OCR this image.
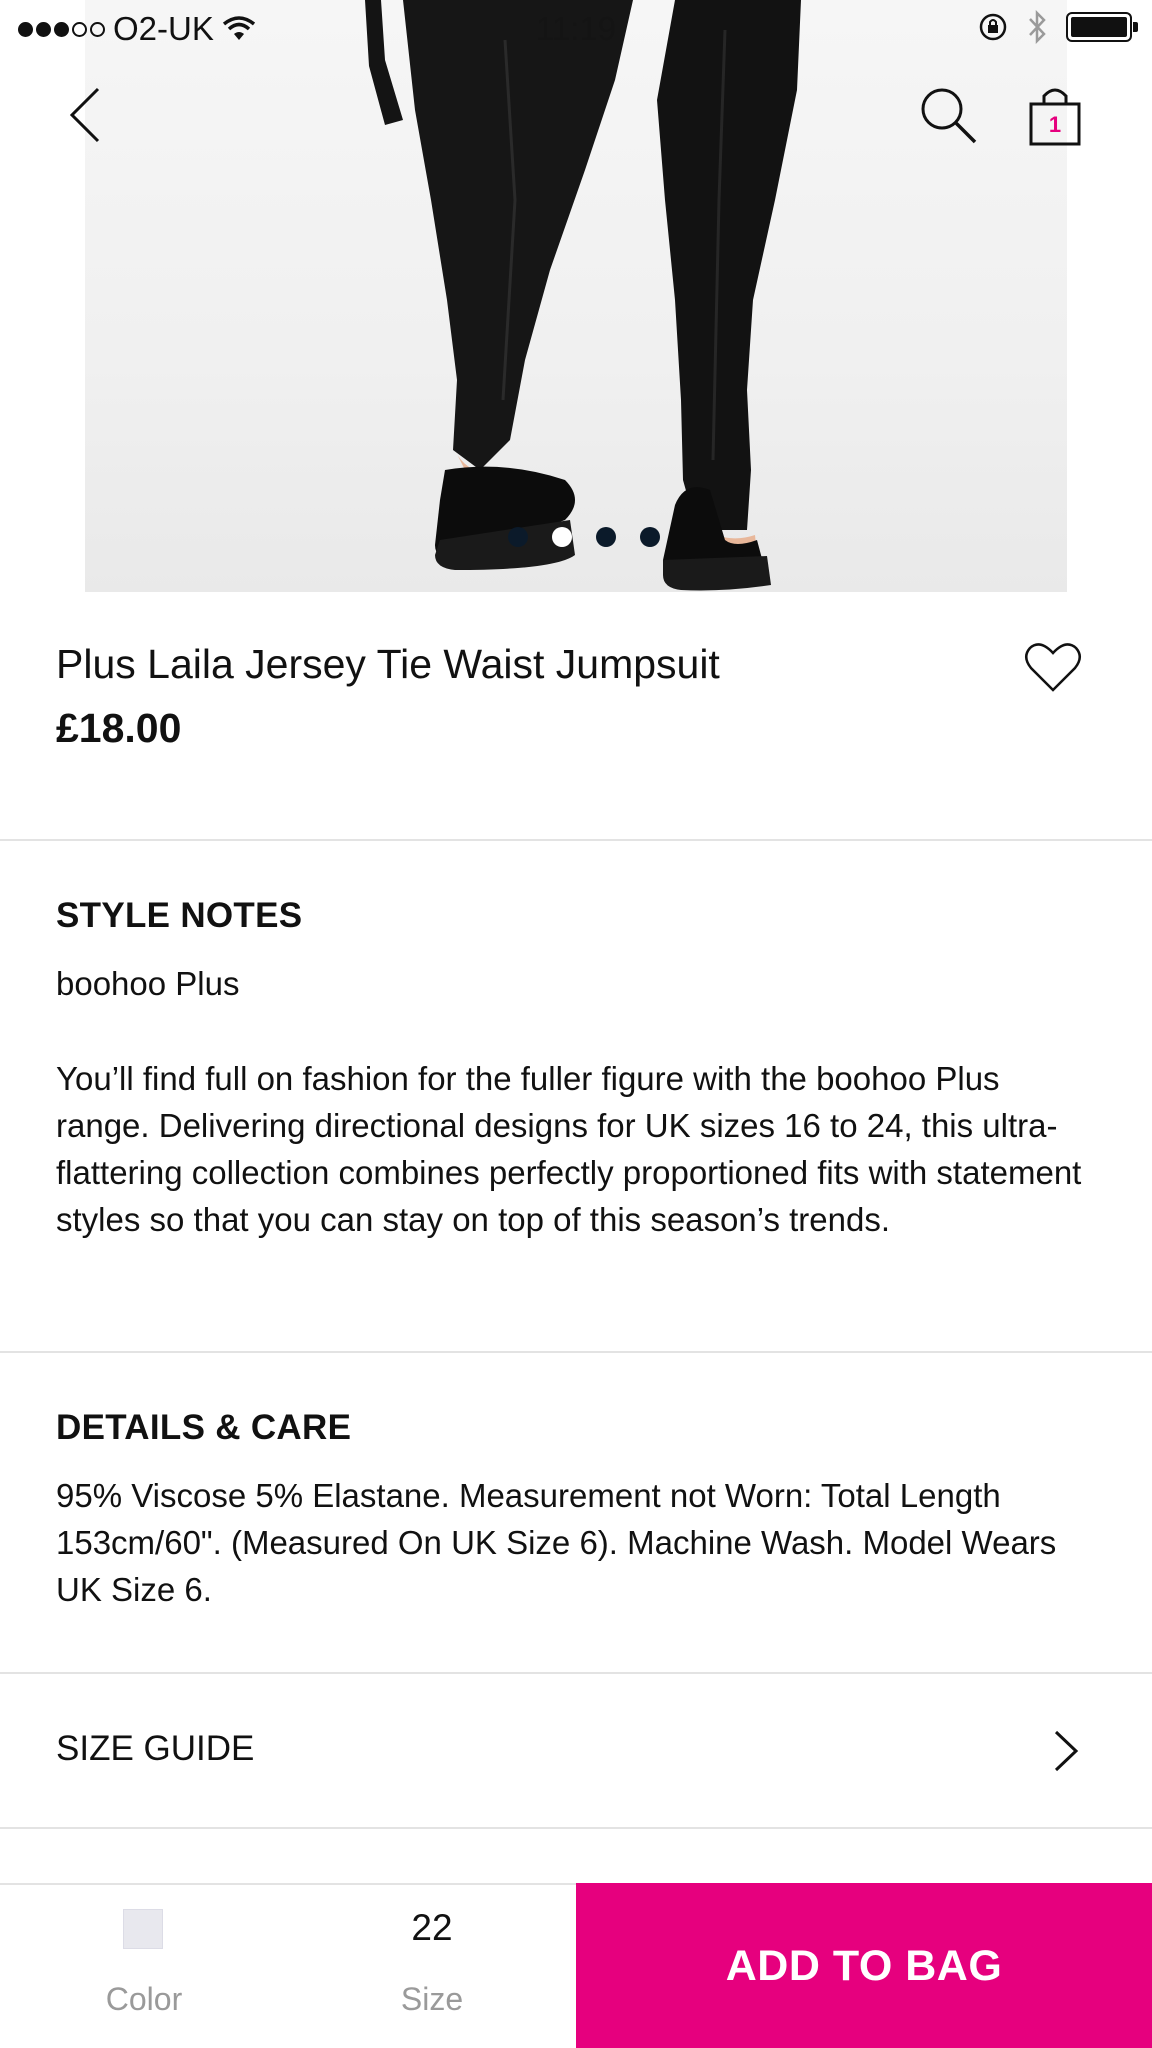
O2-UK	11:19
1
Plus Laila Jersey Tie Waist Jumpsuit
£18.00
STYLE NOTES
boohoo Plus
You’ll find full on fashion for the fuller figure with the boohoo Plus range. Delivering directional designs for UK sizes 16 to 24, this ultra-flattering collection combines perfectly proportioned fits with statement styles so that you can stay on top of this season’s trends.
DETAILS & CARE
95% Viscose 5% Elastane. Measurement not Worn: Total Length 153cm/60". (Measured On UK Size 6). Machine Wash. Model Wears UK Size 6.
SIZE GUIDE
Color
22
Size
ADD TO BAG
